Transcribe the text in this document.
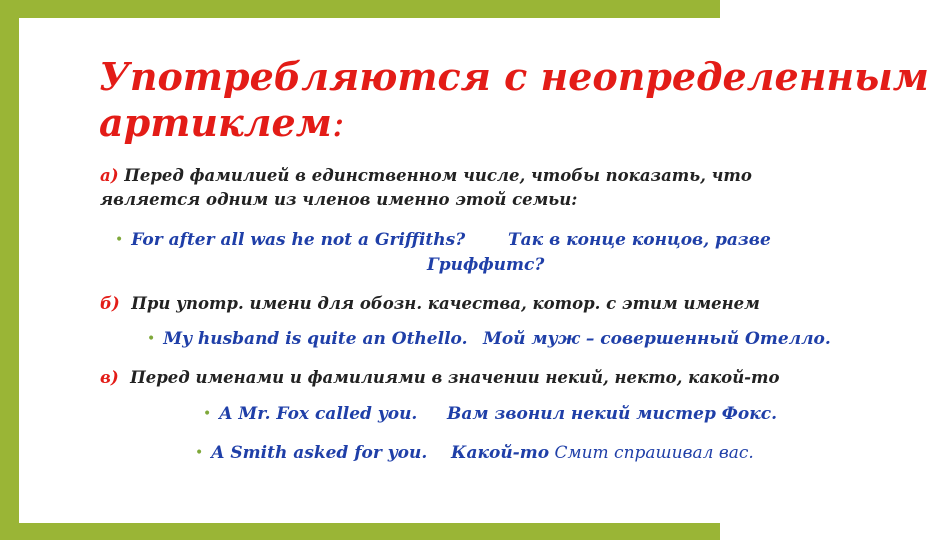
Употребляются с неопределенным
артиклем:
а) Перед фамилией в единственном числе, чтобы показать, что
является одним из членов именно этой семьи:
• For after all was he not a Griffiths?	Так в конце концов, разве
Гриффитс?
б) При употр. имени для обозн. качества, котор. с этим именем
• My husband is quite an Othello. Мой муж – совершенный Отелло.
в) Перед именами и фамилиями в значении некий, некто, какой-то
• A Mr. Fox called you. Вам звонил некий мистер Фокс.
• A Smith asked for you. Какой-то Смит спрашивал вас.
